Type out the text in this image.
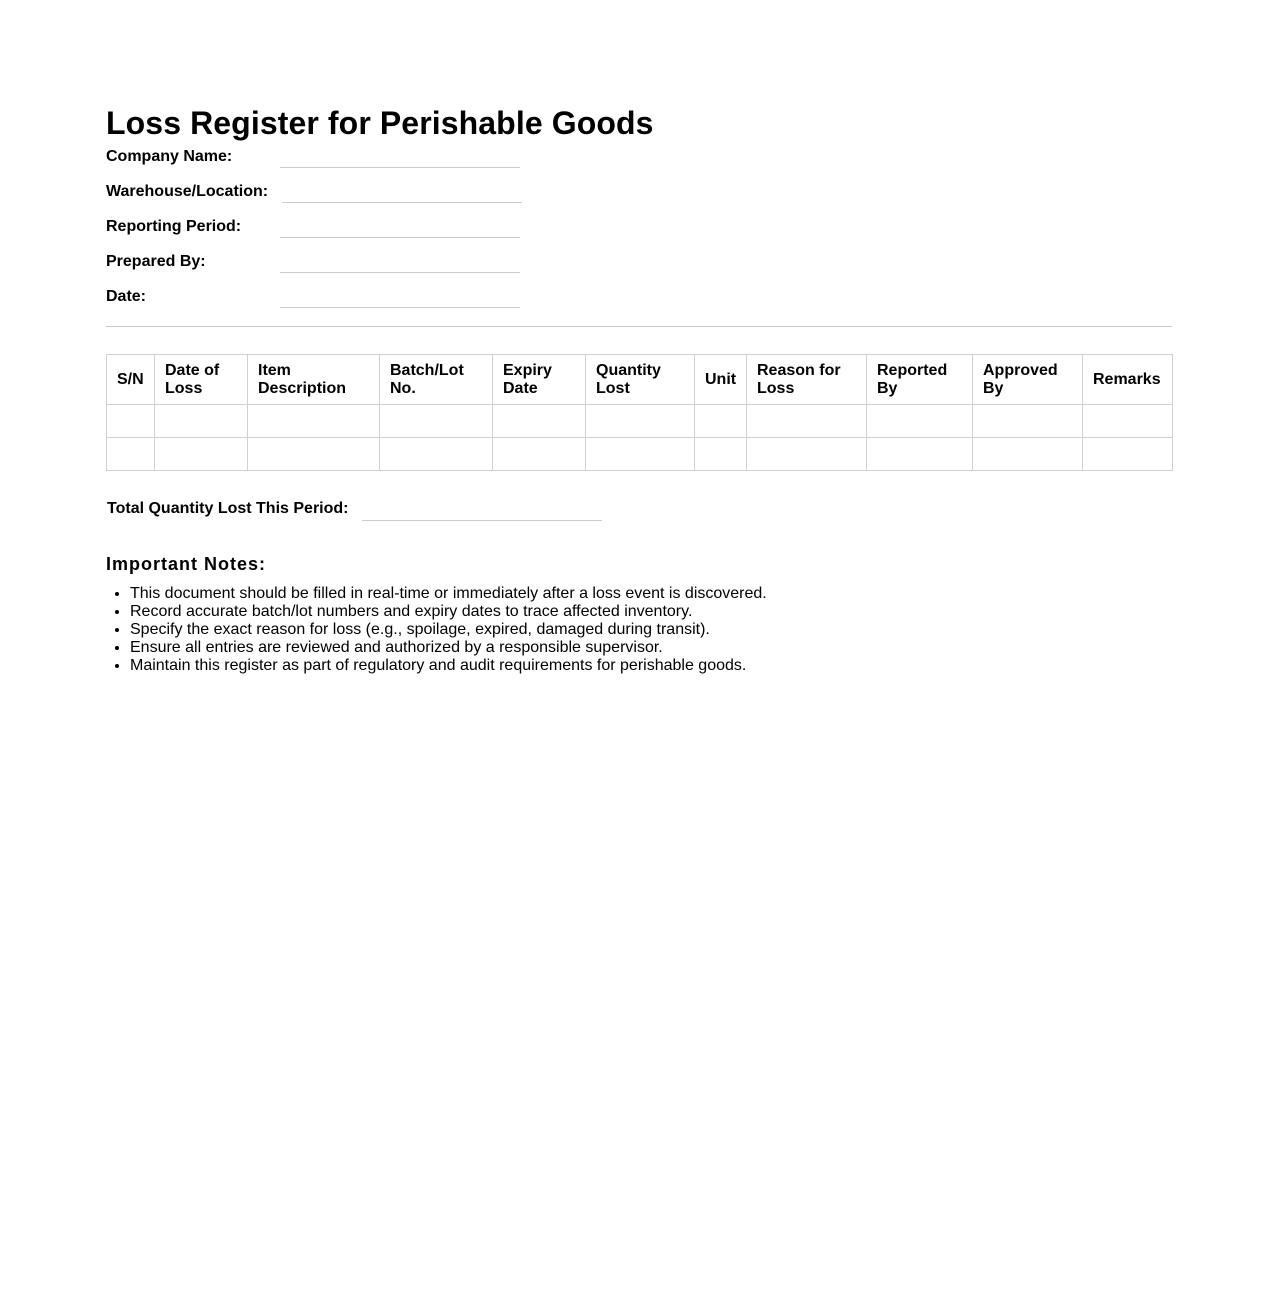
Loss Register for Perishable Goods
Company Name:
Warehouse/Location:
Reporting Period:
Prepared By:
Date:
S/N	Date of Loss	Item Description	Batch/Lot No.	Expiry Date	Quantity Lost	Unit	Reason for Loss	Reported By	Approved By	Remarks

Total Quantity Lost This Period:
Important Notes:
• This document should be filled in real-time or immediately after a loss event is discovered.
• Record accurate batch/lot numbers and expiry dates to trace affected inventory.
• Specify the exact reason for loss (e.g., spoilage, expired, damaged during transit).
• Ensure all entries are reviewed and authorized by a responsible supervisor.
• Maintain this register as part of regulatory and audit requirements for perishable goods.
